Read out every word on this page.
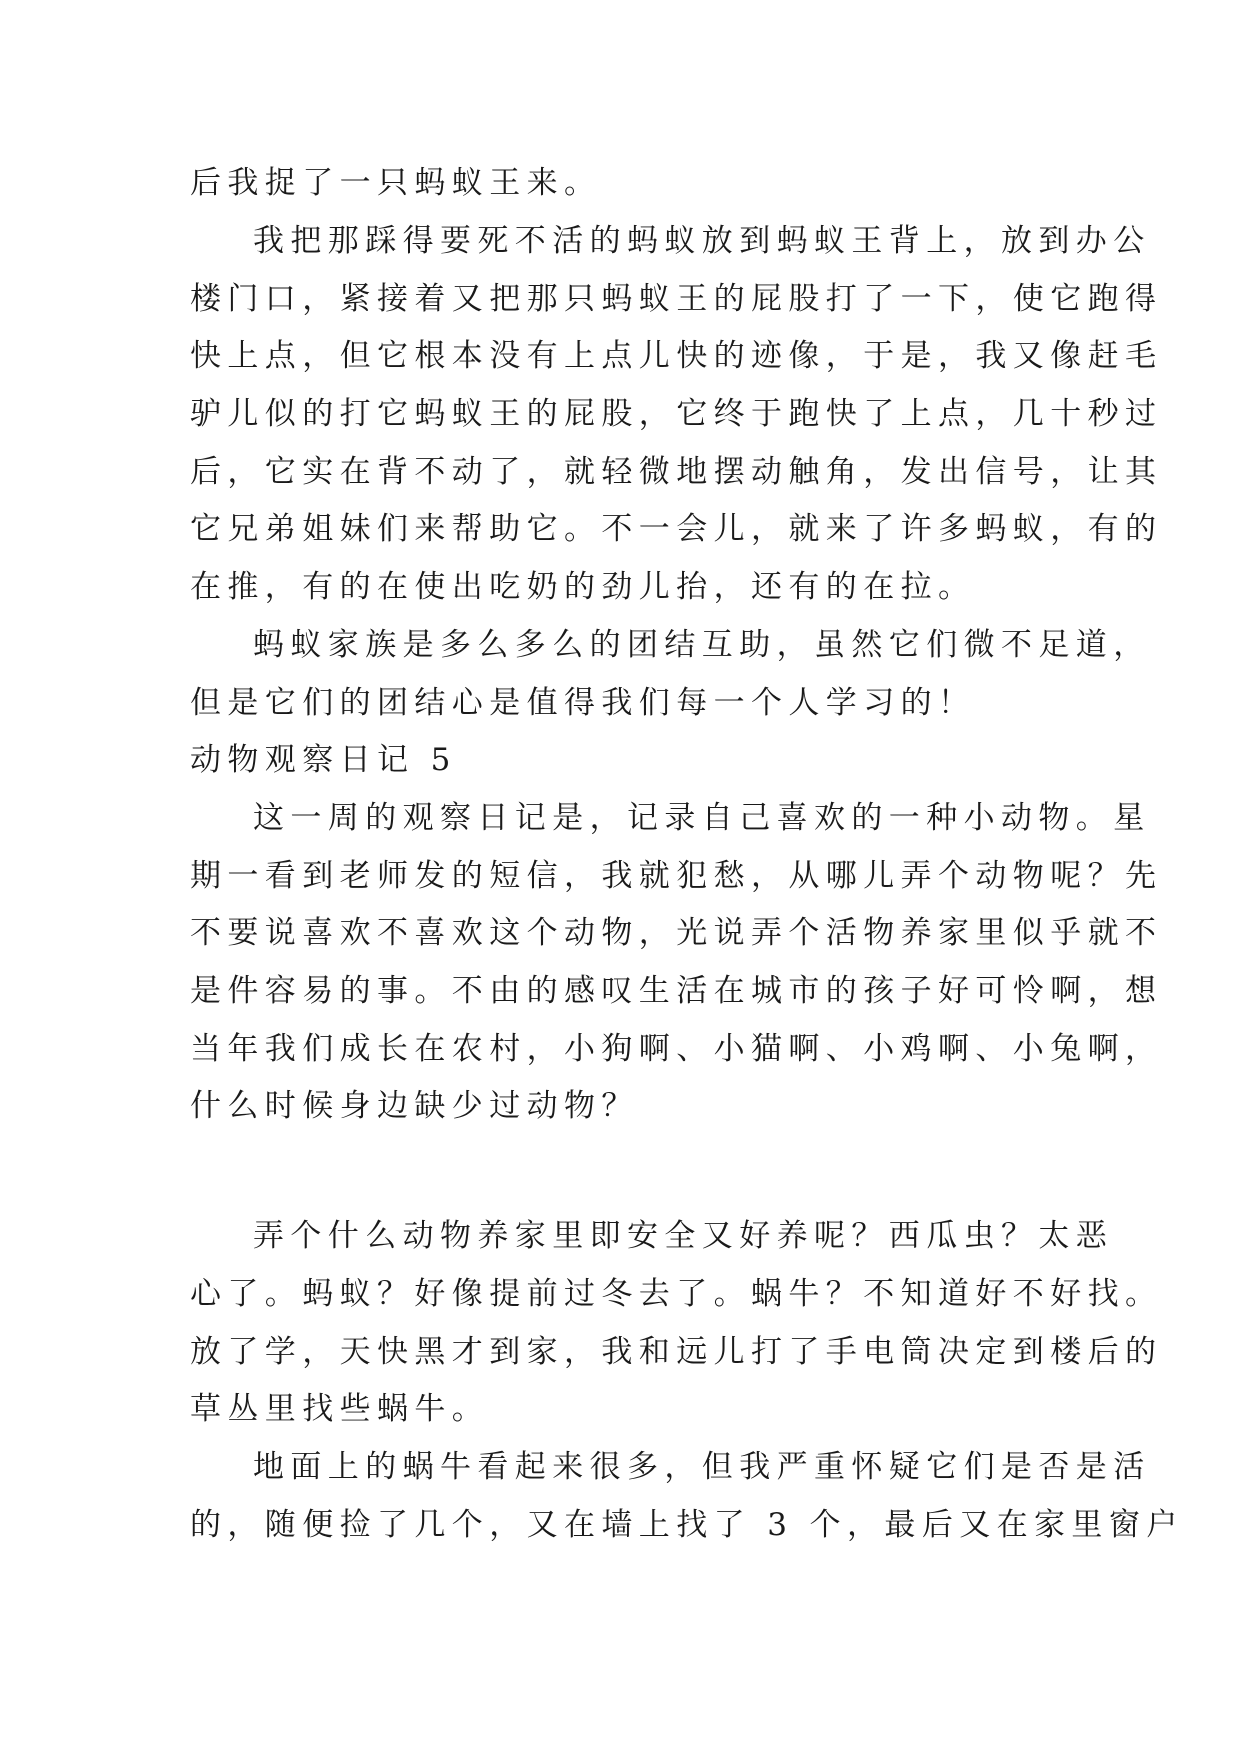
后我捉了一只蚂蚁王来。
我把那踩得要死不活的蚂蚁放到蚂蚁王背上，放到办公
楼门口，紧接着又把那只蚂蚁王的屁股打了一下，使它跑得
快上点，但它根本没有上点儿快的迹像，于是，我又像赶毛
驴儿似的打它蚂蚁王的屁股，它终于跑快了上点，几十秒过
后，它实在背不动了，就轻微地摆动触角，发出信号，让其
它兄弟姐妹们来帮助它。不一会儿，就来了许多蚂蚁，有的
在推，有的在使出吃奶的劲儿抬，还有的在拉。
蚂蚁家族是多么多么的团结互助，虽然它们微不足道，
但是它们的团结心是值得我们每一个人学习的！
动物观察日记 5
这一周的观察日记是，记录自己喜欢的一种小动物。星
期一看到老师发的短信，我就犯愁，从哪儿弄个动物呢？先
不要说喜欢不喜欢这个动物，光说弄个活物养家里似乎就不
是件容易的事。不由的感叹生活在城市的孩子好可怜啊，想
当年我们成长在农村，小狗啊、小猫啊、小鸡啊、小兔啊，
什么时候身边缺少过动物？
弄个什么动物养家里即安全又好养呢？西瓜虫？太恶
心了。蚂蚁？好像提前过冬去了。蜗牛？不知道好不好找。
放了学，天快黑才到家，我和远儿打了手电筒决定到楼后的
草丛里找些蜗牛。
地面上的蜗牛看起来很多，但我严重怀疑它们是否是活
的，随便捡了几个，又在墙上找了 3 个，最后又在家里窗户
